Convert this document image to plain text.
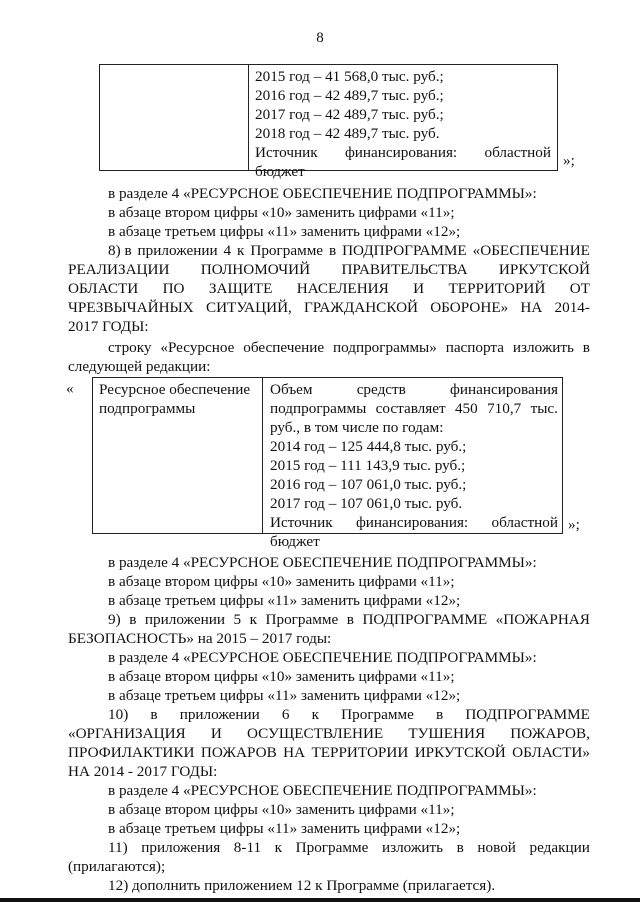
8
2015 год – 41 568,0 тыс. руб.;
2016 год – 42 489,7 тыс. руб.;
2017 год – 42 489,7 тыс. руб.;
2018 год – 42 489,7 тыс. руб.
Источник финансирования: областной
бюджет
»;
в разделе 4 «РЕСУРСНОЕ ОБЕСПЕЧЕНИЕ ПОДПРОГРАММЫ»:
в абзаце втором цифры «10» заменить цифрами «11»;
в абзаце третьем цифры «11» заменить цифрами «12»;
8) в приложении 4 к Программе в ПОДПРОГРАММЕ «ОБЕСПЕЧЕНИЕ
РЕАЛИЗАЦИИ ПОЛНОМОЧИЙ ПРАВИТЕЛЬСТВА ИРКУТСКОЙ
ОБЛАСТИ ПО ЗАЩИТЕ НАСЕЛЕНИЯ И ТЕРРИТОРИЙ ОТ
ЧРЕЗВЫЧАЙНЫХ СИТУАЦИЙ, ГРАЖДАНСКОЙ ОБОРОНЕ» НА 2014-
2017 ГОДЫ:
строку «Ресурсное обеспечение подпрограммы» паспорта изложить в
следующей редакции:
« Ресурсное обеспечение
подпрограммы
Объем	средств	финансирования
подпрограммы составляет 450 710,7 тыс.
руб., в том числе по годам:
2014 год – 125 444,8 тыс. руб.;
2015 год – 111 143,9 тыс. руб.;
2016 год – 107 061,0 тыс. руб.;
2017 год – 107 061,0 тыс. руб.
Источник финансирования: областной
бюджет
»;
в разделе 4 «РЕСУРСНОЕ ОБЕСПЕЧЕНИЕ ПОДПРОГРАММЫ»:
в абзаце втором цифры «10» заменить цифрами «11»;
в абзаце третьем цифры «11» заменить цифрами «12»;
9) в приложении 5 к Программе в ПОДПРОГРАММЕ «ПОЖАРНАЯ
БЕЗОПАСНОСТЬ» на 2015 – 2017 годы:
в разделе 4 «РЕСУРСНОЕ ОБЕСПЕЧЕНИЕ ПОДПРОГРАММЫ»:
в абзаце втором цифры «10» заменить цифрами «11»;
в абзаце третьем цифры «11» заменить цифрами «12»;
10) в приложении 6 к Программе в ПОДПРОГРАММЕ
«ОРГАНИЗАЦИЯ И ОСУЩЕСТВЛЕНИЕ ТУШЕНИЯ ПОЖАРОВ,
ПРОФИЛАКТИКИ ПОЖАРОВ НА ТЕРРИТОРИИ ИРКУТСКОЙ ОБЛАСТИ»
НА 2014 - 2017 ГОДЫ:
в разделе 4 «РЕСУРСНОЕ ОБЕСПЕЧЕНИЕ ПОДПРОГРАММЫ»:
в абзаце втором цифры «10» заменить цифрами «11»;
в абзаце третьем цифры «11» заменить цифрами «12»;
11) приложения 8-11 к Программе изложить в новой редакции
(прилагаются);
12) дополнить приложением 12 к Программе (прилагается).
